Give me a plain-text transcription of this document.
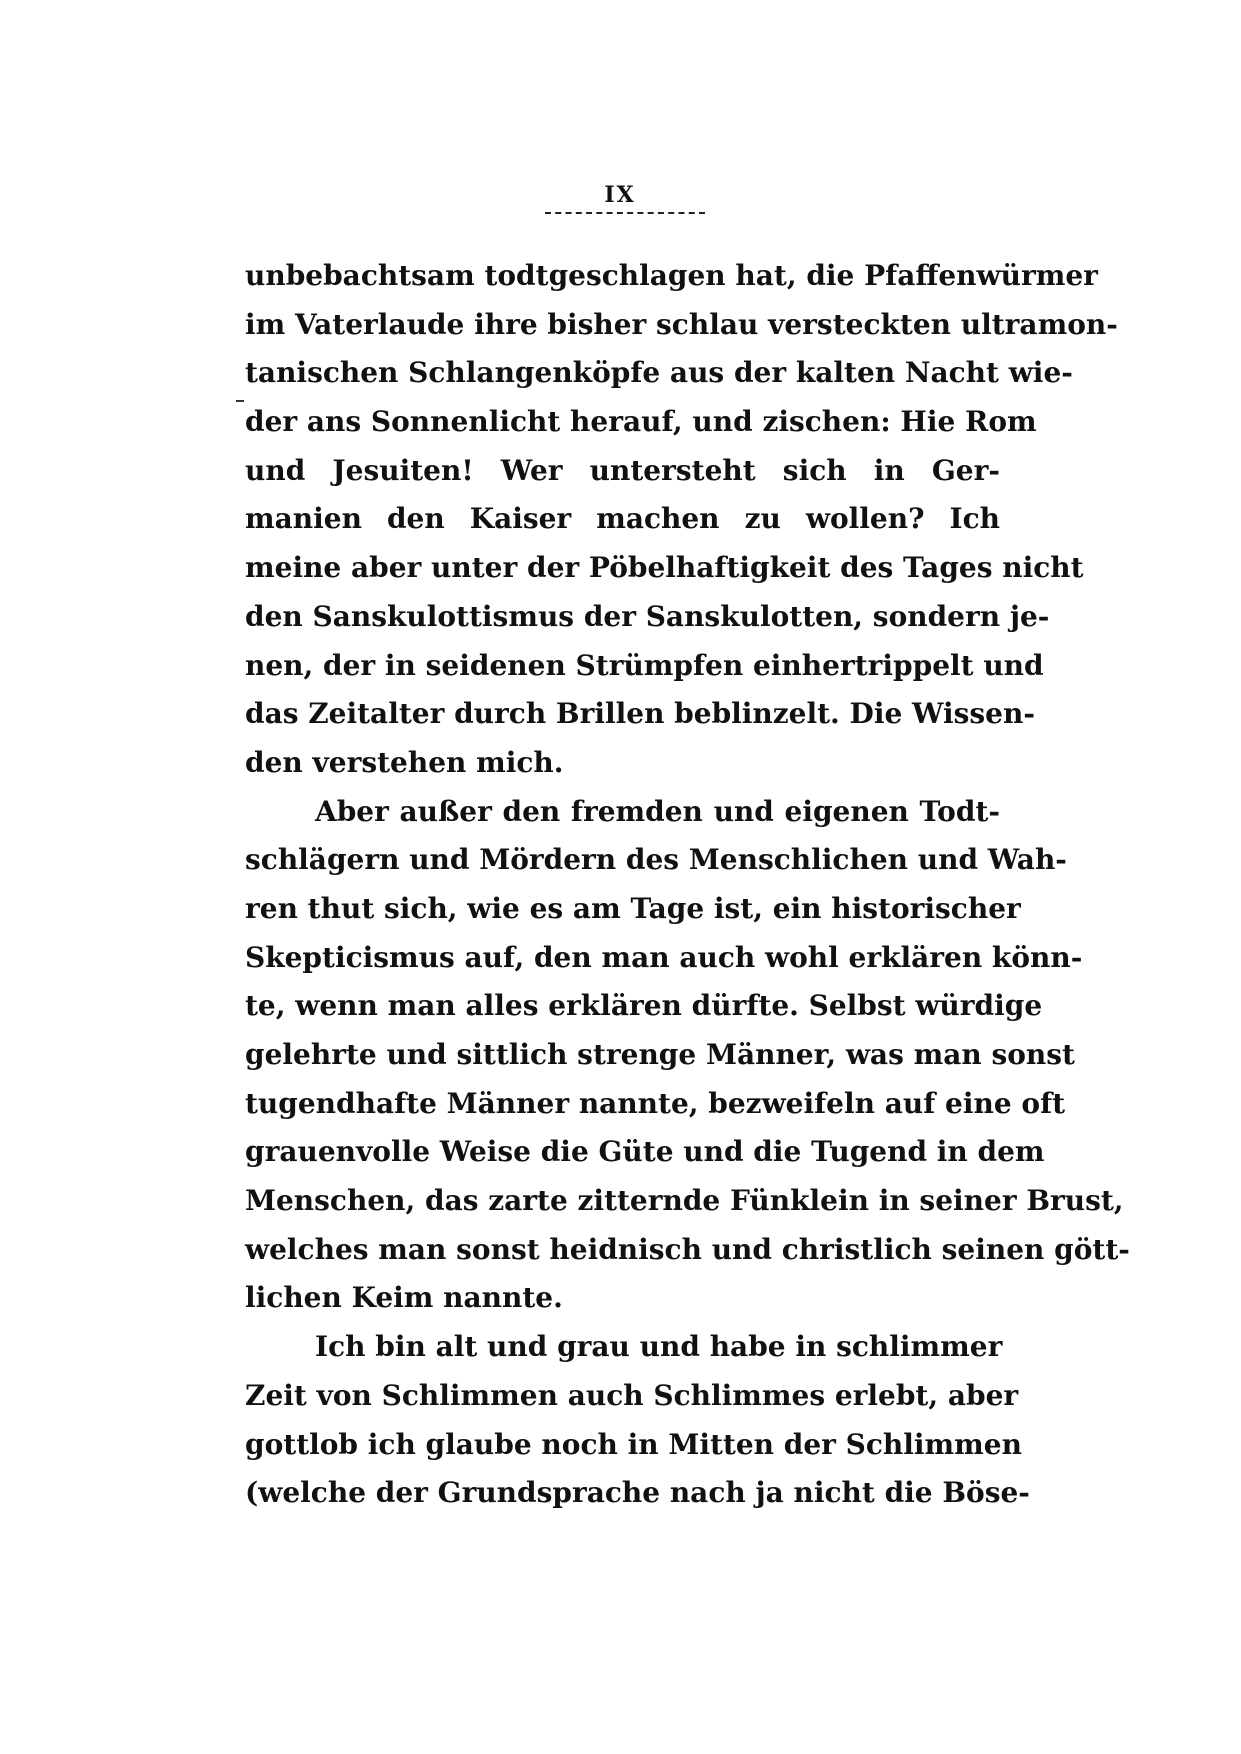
IX
unbebachtsam todtgeschlagen hat, die Pfaffenwürmer
im Vaterlaude ihre bisher schlau versteckten ultramon-
tanischen Schlangenköpfe aus der kalten Nacht wie-
der ans Sonnenlicht herauf, und zischen: Hie Rom
und Jesuiten! Wer untersteht sich in Ger-
manien den Kaiser machen zu wollen? Ich
meine aber unter der Pöbelhaftigkeit des Tages nicht
den Sanskulottismus der Sanskulotten, sondern je-
nen, der in seidenen Strümpfen einhertrippelt und
das Zeitalter durch Brillen beblinzelt. Die Wissen-
den verstehen mich.
Aber außer den fremden und eigenen Todt-
schlägern und Mördern des Menschlichen und Wah-
ren thut sich, wie es am Tage ist, ein historischer
Skepticismus auf, den man auch wohl erklären könn-
te, wenn man alles erklären dürfte. Selbst würdige
gelehrte und sittlich strenge Männer, was man sonst
tugendhafte Männer nannte, bezweifeln auf eine oft
grauenvolle Weise die Güte und die Tugend in dem
Menschen, das zarte zitternde Fünklein in seiner Brust,
welches man sonst heidnisch und christlich seinen gött-
lichen Keim nannte.
Ich bin alt und grau und habe in schlimmer
Zeit von Schlimmen auch Schlimmes erlebt, aber
gottlob ich glaube noch in Mitten der Schlimmen
(welche der Grundsprache nach ja nicht die Böse-
